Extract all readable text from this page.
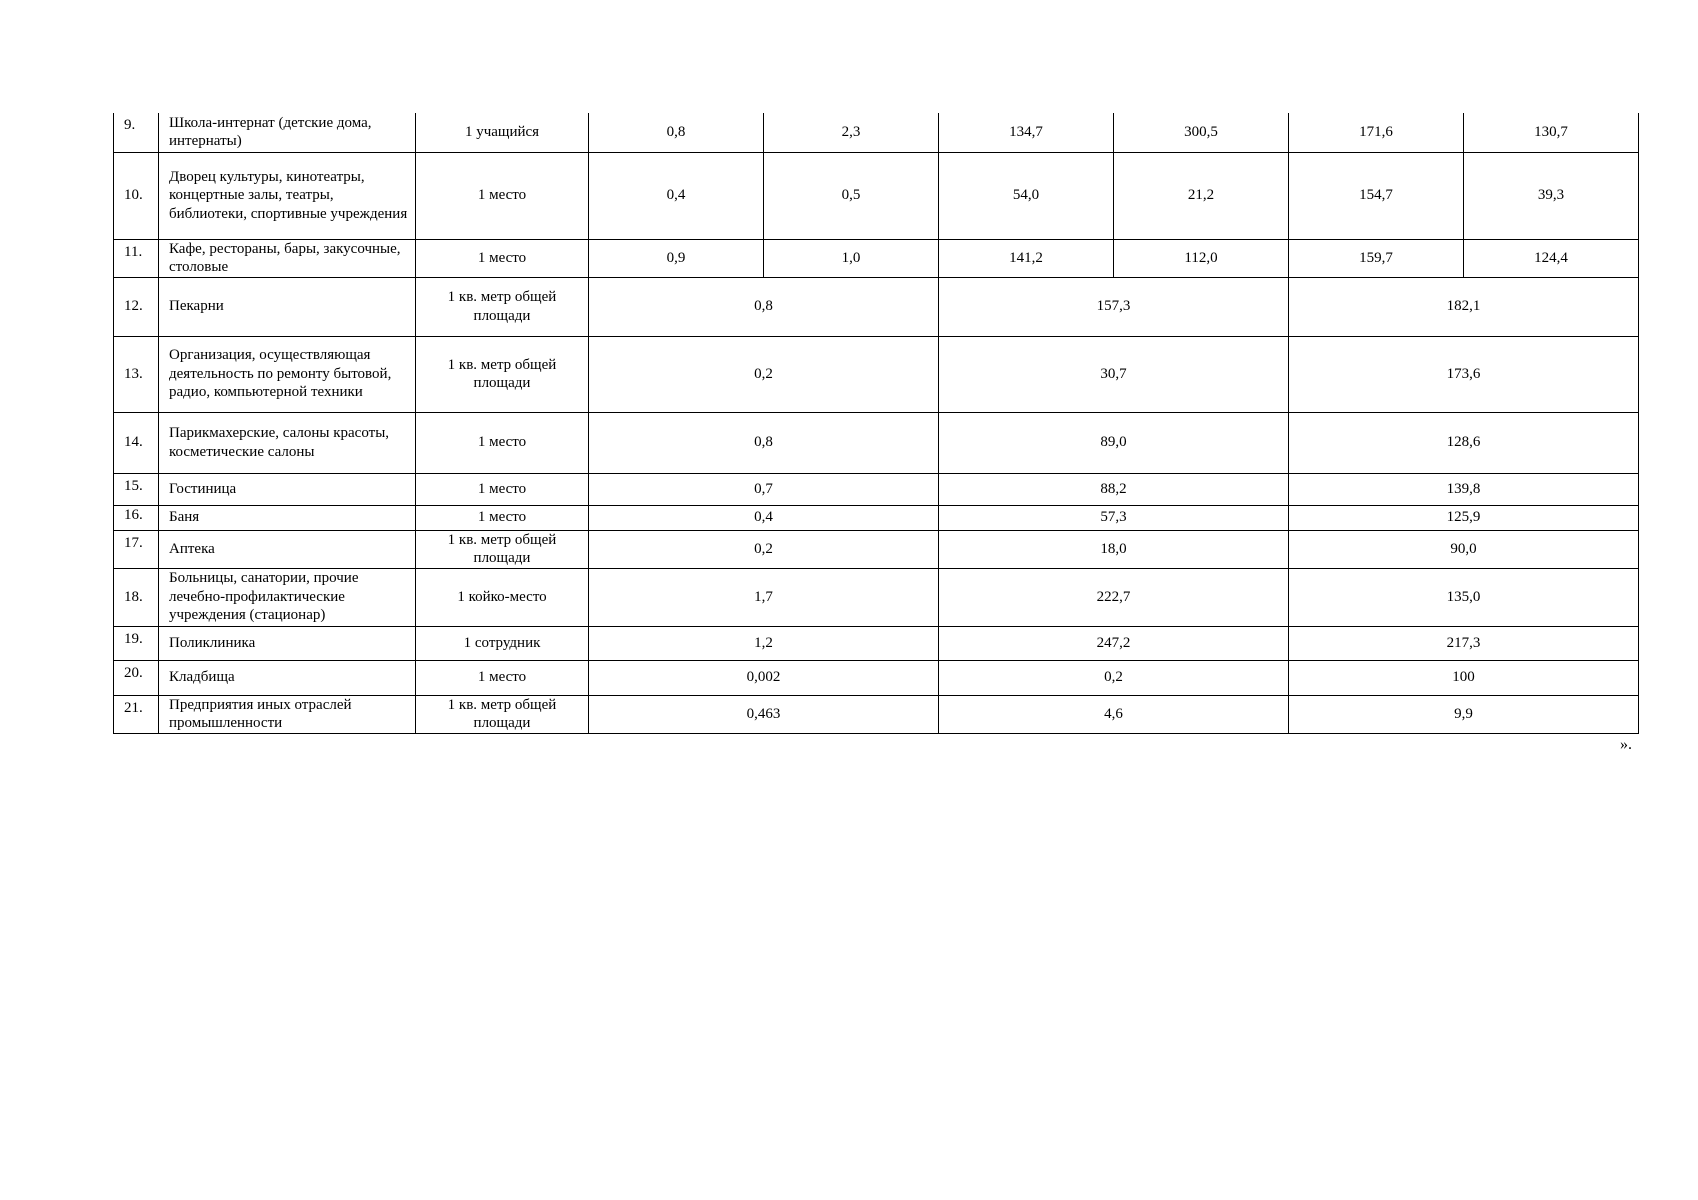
9.	Школа-интернат (детские дома, интернаты)	1 учащийся	0,8	2,3	134,7	300,5	171,6	130,7
10.	Дворец культуры, кинотеатры, концертные залы, театры, библиотеки, спортивные учреждения	1 место	0,4	0,5	54,0	21,2	154,7	39,3
11.	Кафе, рестораны, бары, закусочные, столовые	1 место	0,9	1,0	141,2	112,0	159,7	124,4
12.	Пекарни	1 кв. метр общей площади	0,8		157,3		182,1	
13.	Организация, осуществляющая деятельность по ремонту бытовой, радио, компьютерной техники	1 кв. метр общей площади	0,2		30,7		173,6	
14.	Парикмахерские, салоны красоты, косметические салоны	1 место	0,8		89,0		128,6	
15.	Гостиница	1 место	0,7		88,2		139,8	
16.	Баня	1 место	0,4		57,3		125,9	
17.	Аптека	1 кв. метр общей площади	0,2		18,0		90,0	
18.	Больницы, санатории, прочие лечебно-профилактические учреждения (стационар)	1 койко-место	1,7		222,7		135,0	
19.	Поликлиника	1 сотрудник	1,2		247,2		217,3	
20.	Кладбища	1 место	0,002		0,2		100	
21.	Предприятия иных отраслей промышленности	1 кв. метр общей площади	0,463		4,6		9,9	
».
